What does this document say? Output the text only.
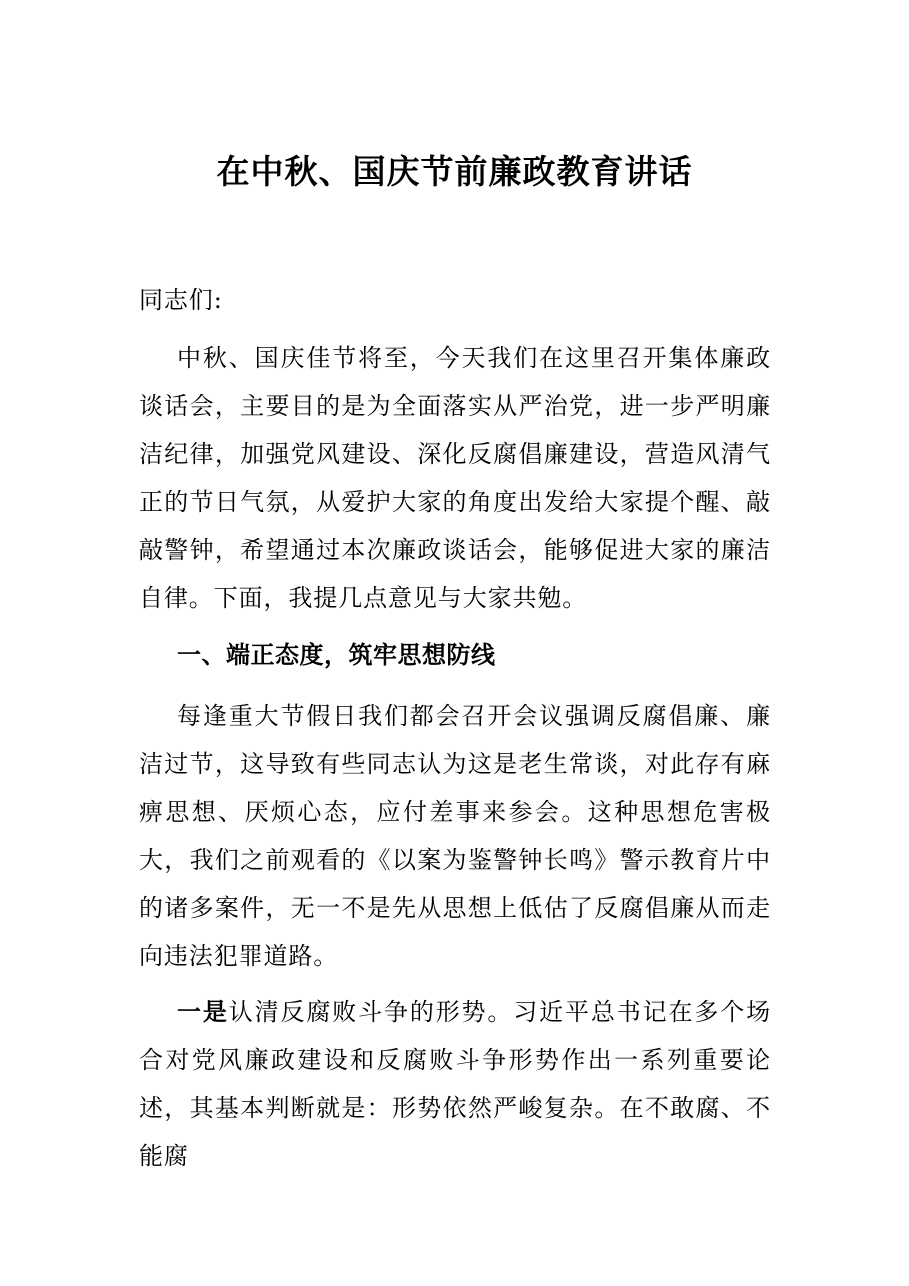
在中秋、国庆节前廉政教育讲话

同志们:

中秋、国庆佳节将至，今天我们在这里召开集体廉政谈话会，主要目的是为全面落实从严治党，进一步严明廉洁纪律，加强党风建设、深化反腐倡廉建设，营造风清气正的节日气氛，从爱护大家的角度出发给大家提个醒、敲敲警钟，希望通过本次廉政谈话会，能够促进大家的廉洁自律。下面，我提几点意见与大家共勉。

一、端正态度，筑牢思想防线

每逢重大节假日我们都会召开会议强调反腐倡廉、廉洁过节，这导致有些同志认为这是老生常谈，对此存有麻痹思想、厌烦心态，应付差事来参会。这种思想危害极大，我们之前观看的《以案为鉴警钟长鸣》警示教育片中的诸多案件，无一不是先从思想上低估了反腐倡廉从而走向违法犯罪道路。

一是认清反腐败斗争的形势。习近平总书记在多个场合对党风廉政建设和反腐败斗争形势作出一系列重要论述，其基本判断就是：形势依然严峻复杂。在不敢腐、不能腐
